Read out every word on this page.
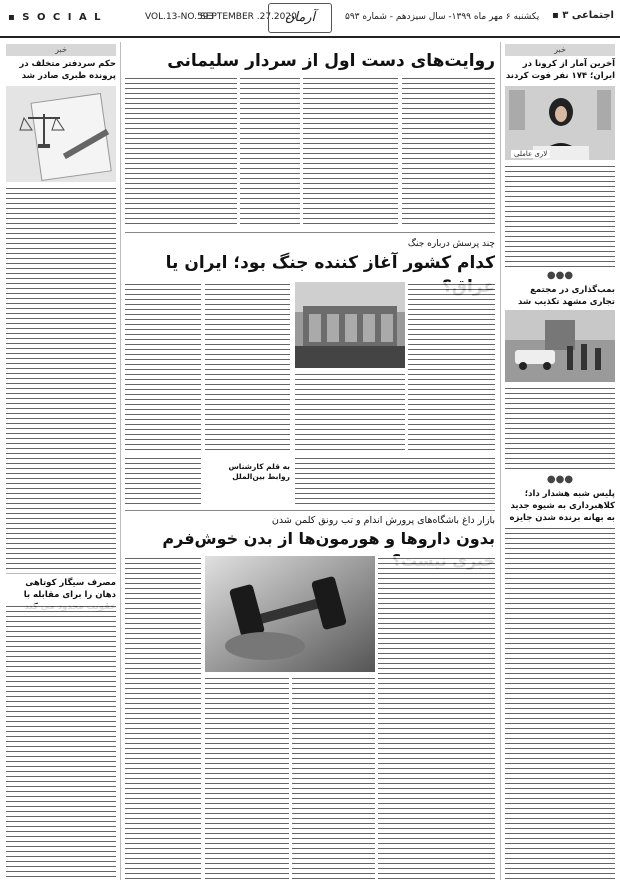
▪ S O C I A L	VOL.13-NO.593
SEPTEMBER .27.2020
آرمان	یکشنبه ۶ مهر ماه ۱۳۹۹- سال سیزدهم - شماره ۵۹۳ اجتماعی ۳ ▪
خبر
حکم سردفتر متخلف در پرونده طبری صادر شد
مصرف سیگار کوتاهی دهان را برای مقابله با
خبر
آخرین آمار از کرونا در ایران؛ ۱۷۴ نفر فوت کردند
لاری عاملی
●●●
بمب‌گذاری در مجتمع تجاری مشهد تکذیب شد
●●●
پلیس شبه هشدار داد؛ کلاهبرداری به شیوه جدید به بهانه برنده شدن جایزه
روایت‌های دست اول از سردار سلیمانی
چند پرسش درباره جنگ
کدام کشور آغاز کننده جنگ بود؛ ایران یا
به قلم کارشناس روابط بین‌الملل
بازار داغ باشگاه‌های پرورش اندام و تب رونق کلمن شدن
بدون داروها و هورمون‌ها از بدن خوش‌فرم
